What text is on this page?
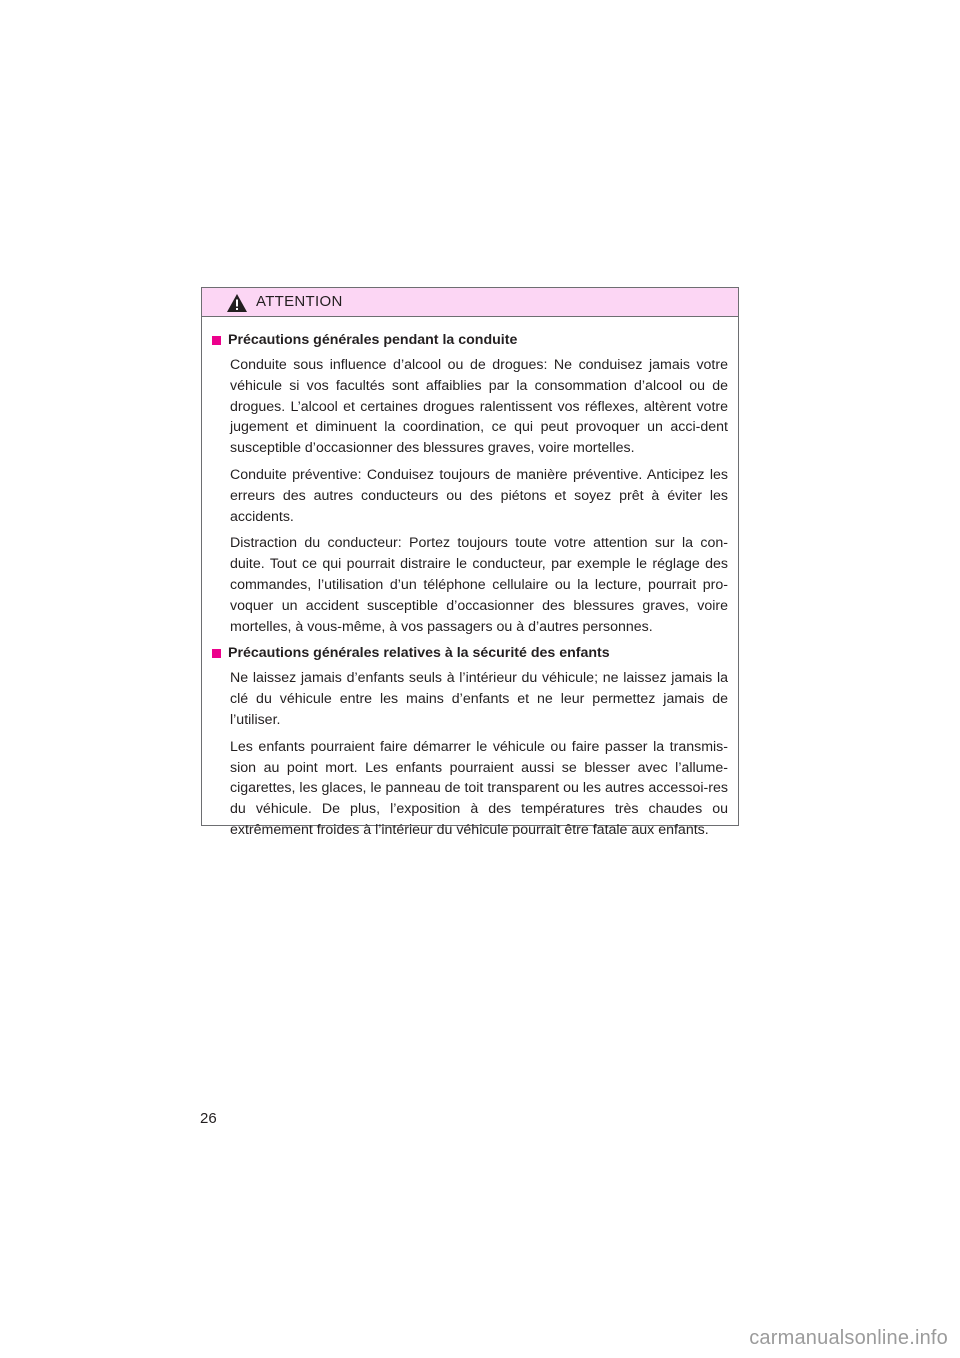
ATTENTION
Précautions générales pendant la conduite

Conduite sous influence d’alcool ou de drogues: Ne conduisez jamais votre véhicule si vos facultés sont affaiblies par la consommation d’alcool ou de drogues. L’alcool et certaines drogues ralentissent vos réflexes, altèrent votre jugement et diminuent la coordination, ce qui peut provoquer un acci-dent susceptible d’occasionner des blessures graves, voire mortelles.

Conduite préventive: Conduisez toujours de manière préventive. Anticipez les erreurs des autres conducteurs ou des piétons et soyez prêt à éviter les accidents.

Distraction du conducteur: Portez toujours toute votre attention sur la con-duite. Tout ce qui pourrait distraire le conducteur, par exemple le réglage des commandes, l’utilisation d’un téléphone cellulaire ou la lecture, pourrait pro-voquer un accident susceptible d’occasionner des blessures graves, voire mortelles, à vous-même, à vos passagers ou à d’autres personnes.

Précautions générales relatives à la sécurité des enfants

Ne laissez jamais d’enfants seuls à l’intérieur du véhicule; ne laissez jamais la clé du véhicule entre les mains d’enfants et ne leur permettez jamais de l’utiliser.

Les enfants pourraient faire démarrer le véhicule ou faire passer la transmis-sion au point mort. Les enfants pourraient aussi se blesser avec l’allume-cigarettes, les glaces, le panneau de toit transparent ou les autres accessoi-res du véhicule. De plus, l’exposition à des températures très chaudes ou extrêmement froides à l’intérieur du véhicule pourrait être fatale aux enfants.

26
carmanualsonline.info
